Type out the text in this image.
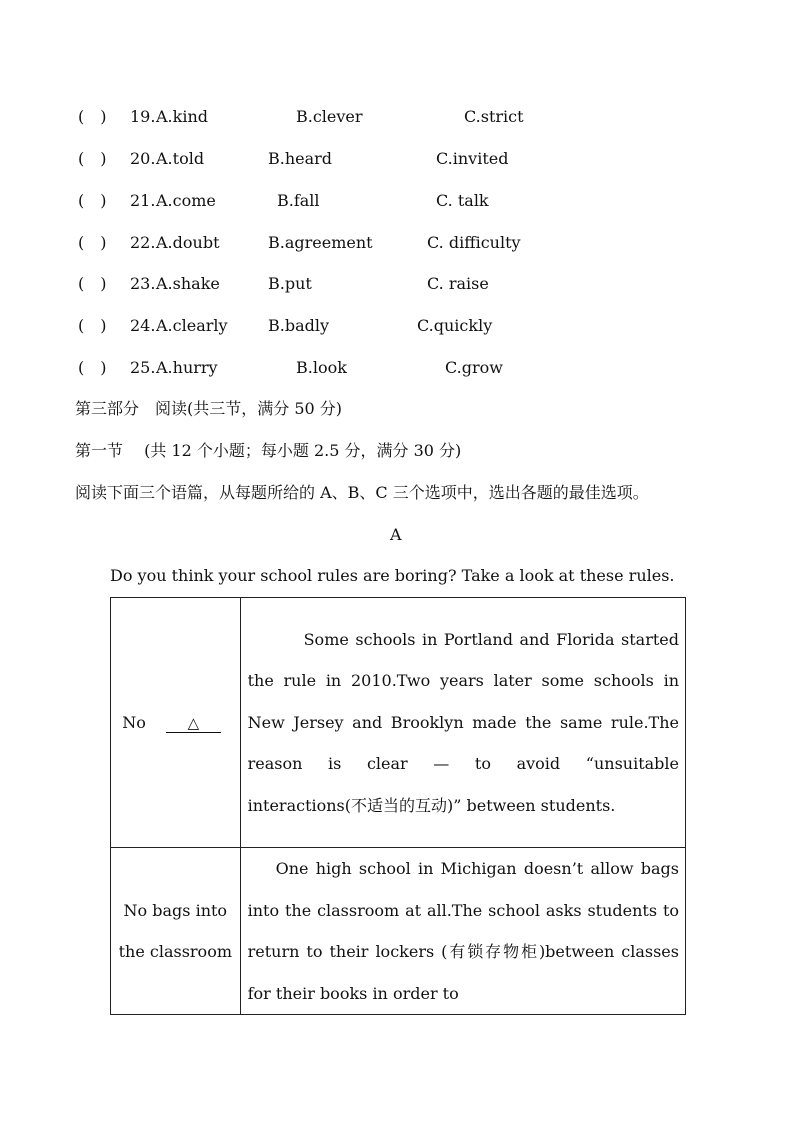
(　) 19. A.kind	B.clever	C.strict
(　) 20. A.told	B.heard	C.invited
(　) 21. A.come	B.fall	C. talk
(　) 22. A.doubt	B.agreement	C. difficulty
(　) 23. A.shake	B.put	C. raise
(　) 24. A.clearly	B.badly	C.quickly
(　) 25. A.hurry	B.look	C.grow
第三部分　阅读(共三节，满分 50 分)
第一节　 (共 12 个小题；每小题 2.5 分，满分 30 分)
阅读下面三个语篇，从每题所给的 A、B、C 三个选项中，选出各题的最佳选项。
A
Do you think your school rules are boring? Take a look at these rules.
No △	Some schools in Portland and Florida started the rule in 2010.Two years later some schools in New Jersey and Brooklyn made the same rule.The reason is clear — to avoid “unsuitable interactions(不适当的互动)” between students.

No bags into the classroom	One high school in Michigan doesn’t allow bags into the classroom at all.The school asks students to return to their lockers (有锁存物柜)between classes for their books in order to
